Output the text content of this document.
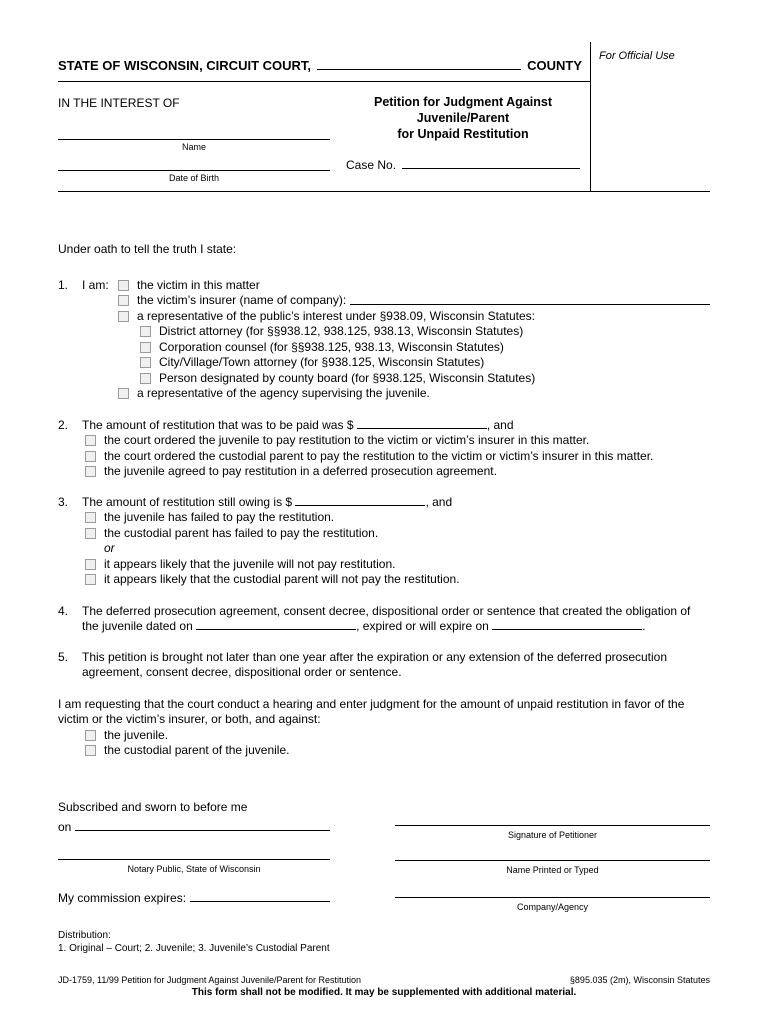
STATE OF WISCONSIN, CIRCUIT COURT,	COUNTY
IN THE INTEREST OF
Name
Date of Birth
Petition for Judgment Against
Juvenile/Parent
for Unpaid Restitution
Case No.
For Official Use
Under oath to tell the truth I state:
1.	I am:	the victim in this matter
the victim’s insurer (name of company):
a representative of the public’s interest under §938.09, Wisconsin Statutes:
District attorney (for §§938.12, 938.125, 938.13, Wisconsin Statutes)
Corporation counsel (for §§938.125, 938.13, Wisconsin Statutes)
City/Village/Town attorney (for §938.125, Wisconsin Statutes)
Person designated by county board (for §938.125, Wisconsin Statutes)
a representative of the agency supervising the juvenile.
2.	The amount of restitution that was to be paid was $	, and
the court ordered the juvenile to pay restitution to the victim or victim’s insurer in this matter.
the court ordered the custodial parent to pay the restitution to the victim or victim’s insurer in this matter.
the juvenile agreed to pay restitution in a deferred prosecution agreement.
3.	The amount of restitution still owing is $	, and
the juvenile has failed to pay the restitution.
the custodial parent has failed to pay the restitution.
or
it appears likely that the juvenile will not pay restitution.
it appears likely that the custodial parent will not pay the restitution.
4.	The deferred prosecution agreement, consent decree, dispositional order or sentence that created the obligation of the juvenile dated on	, expired or will expire on	.
5.	This petition is brought not later than one year after the expiration or any extension of the deferred prosecution agreement, consent decree, dispositional order or sentence.
I am requesting that the court conduct a hearing and enter judgment for the amount of unpaid restitution in favor of the victim or the victim’s insurer, or both, and against:
the juvenile.
the custodial parent of the juvenile.
Subscribed and sworn to before me
on
Notary Public, State of Wisconsin
My commission expires:
Signature of Petitioner
Name Printed or Typed
Company/Agency
Distribution:
1. Original – Court; 2. Juvenile; 3. Juvenile’s Custodial Parent
JD-1759, 11/99 Petition for Judgment Against Juvenile/Parent for Restitution	§895.035 (2m), Wisconsin Statutes
This form shall not be modified. It may be supplemented with additional material.
